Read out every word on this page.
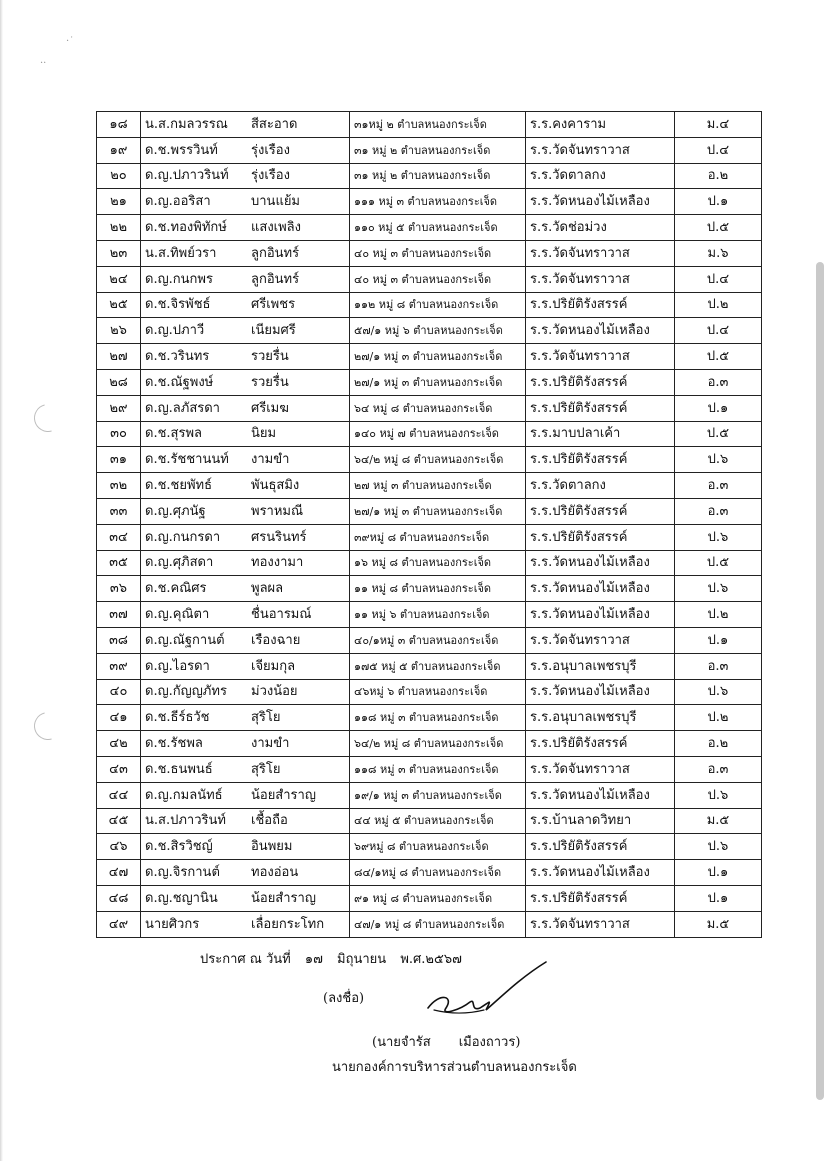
·˙
··
๑๘	น.ส.กมลวรรณ สีสะอาด	๓๑หมู่ ๒ ตำบลหนองกระเจ็ด	ร.ร.คงคาราม	ม.๔
๑๙	ด.ช.พรรวินท์ รุ่งเรือง	๓๑ หมู่ ๒ ตำบลหนองกระเจ็ด	ร.ร.วัดจันทราวาส	ป.๔
๒๐	ด.ญ.ปภาวรินท์ รุ่งเรือง	๓๑ หมู่ ๒ ตำบลหนองกระเจ็ด	ร.ร.วัดตาลกง	อ.๒
๒๑	ด.ญ.ออริสา บานแย้ม	๑๑๑ หมู่ ๓ ตำบลหนองกระเจ็ด	ร.ร.วัดหนองไม้เหลือง	ป.๑
๒๒	ด.ช.ทองพิทักษ์ แสงเพลิง	๑๑๐ หมู่ ๕ ตำบลหนองกระเจ็ด	ร.ร.วัดช่อม่วง	ป.๕
๒๓	น.ส.ทิพย์วรา ลูกอินทร์	๔๐ หมู่ ๓ ตำบลหนองกระเจ็ด	ร.ร.วัดจันทราวาส	ม.๖
๒๔	ด.ญ.กนกพร ลูกอินทร์	๔๐ หมู่ ๓ ตำบลหนองกระเจ็ด	ร.ร.วัดจันทราวาส	ป.๔
๒๕	ด.ช.จิรพัชธ์ ศรีเพชร	๑๑๒ หมู่ ๘ ตำบลหนองกระเจ็ด	ร.ร.ปริยัติรังสรรค์	ป.๒
๒๖	ด.ญ.ปภาวี เนียมศรี	๕๗/๑ หมู่ ๖ ตำบลหนองกระเจ็ด	ร.ร.วัดหนองไม้เหลือง	ป.๔
๒๗	ด.ช.วรินทร รวยรื่น	๒๗/๑ หมู่ ๓ ตำบลหนองกระเจ็ด	ร.ร.วัดจันทราวาส	ป.๕
๒๘	ด.ช.ณัฐพงษ์ รวยรื่น	๒๗/๑ หมู่ ๓ ตำบลหนองกระเจ็ด	ร.ร.ปริยัติรังสรรค์	อ.๓
๒๙	ด.ญ.ลภัสรดา ศรีเมฆ	๖๔ หมู่ ๘ ตำบลหนองกระเจ็ด	ร.ร.ปริยัติรังสรรค์	ป.๑
๓๐	ด.ช.สุรพล นิยม	๑๔๐ หมู่ ๗ ตำบลหนองกระเจ็ด	ร.ร.มาบปลาเค้า	ป.๕
๓๑	ด.ช.รัชชานนท์ งามขำ	๖๔/๒ หมู่ ๘ ตำบลหนองกระเจ็ด	ร.ร.ปริยัติรังสรรค์	ป.๖
๓๒	ด.ช.ชยพัทธ์ พันธุสมิง	๒๗ หมู่ ๓ ตำบลหนองกระเจ็ด	ร.ร.วัดตาลกง	อ.๓
๓๓	ด.ญ.ศุภนัฐ พราหมณี	๒๗/๑ หมู่ ๓ ตำบลหนองกระเจ็ด	ร.ร.ปริยัติรังสรรค์	อ.๓
๓๔	ด.ญ.กนกรดา ศรนรินทร์	๓๙หมู่ ๘ ตำบลหนองกระเจ็ด	ร.ร.ปริยัติรังสรรค์	ป.๖
๓๕	ด.ญ.ศุภิสดา ทองงามา	๑๖ หมู่ ๘ ตำบลหนองกระเจ็ด	ร.ร.วัดหนองไม้เหลือง	ป.๕
๓๖	ด.ช.คณิศร พูลผล	๑๑ หมู่ ๘ ตำบลหนองกระเจ็ด	ร.ร.วัดหนองไม้เหลือง	ป.๖
๓๗	ด.ญ.คุณิตา ชื่นอารมณ์	๑๑ หมู่ ๖ ตำบลหนองกระเจ็ด	ร.ร.วัดหนองไม้เหลือง	ป.๒
๓๘	ด.ญ.ณัฐกานต์ เรืองฉาย	๔๐/๑หมู่ ๓ ตำบลหนองกระเจ็ด	ร.ร.วัดจันทราวาส	ป.๑
๓๙	ด.ญ.ไอรดา เจียมกุล	๑๗๕ หมู่ ๕ ตำบลหนองกระเจ็ด	ร.ร.อนุบาลเพชรบุรี	อ.๓
๔๐	ด.ญ.กัญญภัทร ม่วงน้อย	๔๖หมู่ ๖ ตำบลหนองกระเจ็ด	ร.ร.วัดหนองไม้เหลือง	ป.๖
๔๑	ด.ช.ธีร์ธวัช สุริโย	๑๑๘ หมู่ ๓ ตำบลหนองกระเจ็ด	ร.ร.อนุบาลเพชรบุรี	ป.๒
๔๒	ด.ช.รัชพล งามขำ	๖๔/๒ หมู่ ๘ ตำบลหนองกระเจ็ด	ร.ร.ปริยัติรังสรรค์	อ.๒
๔๓	ด.ช.ธนพนธ์ สุริโย	๑๑๘ หมู่ ๓ ตำบลหนองกระเจ็ด	ร.ร.วัดจันทราวาส	อ.๓
๔๔	ด.ญ.กมลนัทธ์ น้อยสำราญ	๑๙/๑ หมู่ ๓ ตำบลหนองกระเจ็ด	ร.ร.วัดหนองไม้เหลือง	ป.๖
๔๕	น.ส.ปภาวรินท์ เชื้อถือ	๔๔ หมู่ ๕ ตำบลหนองกระเจ็ด	ร.ร.บ้านลาดวิทยา	ม.๕
๔๖	ด.ช.สิรวิชญ์ อินพยม	๖๙หมู่ ๘ ตำบลหนองกระเจ็ด	ร.ร.ปริยัติรังสรรค์	ป.๖
๔๗	ด.ญ.จิรกานต์ ทองอ่อน	๘๔/๑หมู่ ๘ ตำบลหนองกระเจ็ด	ร.ร.วัดหนองไม้เหลือง	ป.๑
๔๘	ด.ญ.ชญานิน น้อยสำราญ	๙๑ หมู่ ๘ ตำบลหนองกระเจ็ด	ร.ร.ปริยัติรังสรรค์	ป.๑
๔๙	นายศิวกร เลื่อยกระโทก	๔๗/๑ หมู่ ๘ ตำบลหนองกระเจ็ด	ร.ร.วัดจันทราวาส	ม.๕
ประกาศ ณ วันที่ ๑๗ มิถุนายน พ.ศ.๒๕๖๗
(ลงชื่อ)
(นายจำรัส เมืองถาวร)
นายกองค์การบริหารส่วนตำบลหนองกระเจ็ด
